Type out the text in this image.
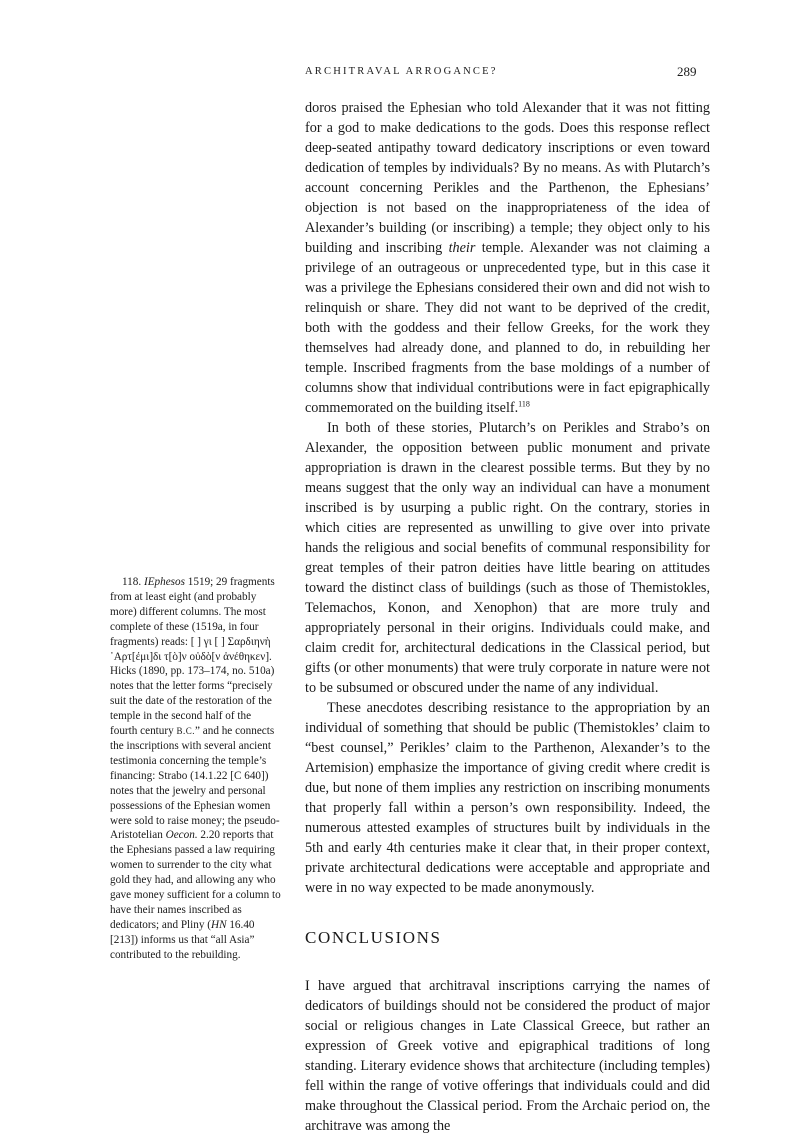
ARCHITRAVAL ARROGANCE?	289

doros praised the Ephesian who told Alexander that it was not fitting for a god to make dedications to the gods. Does this response reflect deep-seated antipathy toward dedicatory inscriptions or even toward dedication of temples by individuals? By no means. As with Plutarch’s account concerning Perikles and the Parthenon, the Ephesians’ objection is not based on the inappropriateness of the idea of Alexander’s building (or inscribing) a temple; they object only to his building and inscribing their temple. Alexander was not claiming a privilege of an outrageous or unprecedented type, but in this case it was a privilege the Ephesians considered their own and did not wish to relinquish or share. They did not want to be deprived of the credit, both with the goddess and their fellow Greeks, for the work they themselves had already done, and planned to do, in rebuilding her temple. Inscribed fragments from the base moldings of a number of columns show that individual contributions were in fact epigraphically commemorated on the building itself.$^{118}$

In both of these stories, Plutarch’s on Perikles and Strabo’s on Alexander, the opposition between public monument and private appropriation is drawn in the clearest possible terms. But they by no means suggest that the only way an individual can have a monument inscribed is by usurping a public right. On the contrary, stories in which cities are represented as unwilling to give over into private hands the religious and social benefits of communal responsibility for great temples of their patron deities have little bearing on attitudes toward the distinct class of buildings (such as those of Themistokles, Telemachos, Konon, and Xenophon) that are more truly and appropriately personal in their origins. Individuals could make, and claim credit for, architectural dedications in the Classical period, but gifts (or other monuments) that were truly corporate in nature were not to be subsumed or obscured under the name of any individual.

These anecdotes describing resistance to the appropriation by an individual of something that should be public (Themistokles’ claim to “best counsel,” Perikles’ claim to the Parthenon, Alexander’s to the Artemision) emphasize the importance of giving credit where credit is due, but none of them implies any restriction on inscribing monuments that properly fall within a person’s own responsibility. Indeed, the numerous attested examples of structures built by individuals in the 5th and early 4th centuries make it clear that, in their proper context, private architectural dedications were acceptable and appropriate and were in no way expected to be made anonymously.

CONCLUSIONS

I have argued that architraval inscriptions carrying the names of dedicators of buildings should not be considered the product of major social or religious changes in Late Classical Greece, but rather an expression of Greek votive and epigraphical traditions of long standing. Literary evidence shows that architecture (including temples) fell within the range of votive offerings that individuals could and did make throughout the Classical period. From the Archaic period on, the architrave was among the

118. IEphesos 1519; 29 fragments from at least eight (and probably more) different columns. The most complete of these (1519a, in four fragments) reads: [ ] γι [ ] Σαρδιηνὴ ᾽Αρτ[έμι]δι τ[ὸ]ν οὐδὸ[ν ἀνέθηκεν]. Hicks (1890, pp. 173–174, no. 510a) notes that the letter forms “precisely suit the date of the restoration of the temple in the second half of the fourth century B.C.” and he connects the inscriptions with several ancient testimonia concerning the temple’s financing: Strabo (14.1.22 [C 640]) notes that the jewelry and personal possessions of the Ephesian women were sold to raise money; the pseudo-Aristotelian Oecon. 2.20 reports that the Ephesians passed a law requiring women to surrender to the city what gold they had, and allowing any who gave money sufficient for a column to have their names inscribed as dedicators; and Pliny (HN 16.40 [213]) informs us that “all Asia” contributed to the rebuilding.
